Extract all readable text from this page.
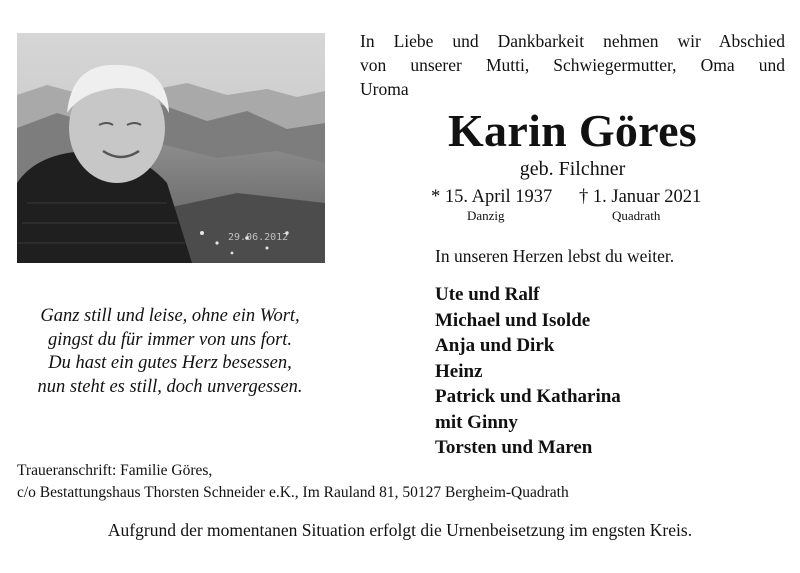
29.06.2012
In Liebe und Dankbarkeit nehmen wir Abschied
von unserer Mutti, Schwiegermutter, Oma und
Uroma
Karin Göres
geb. Filchner
* 15. April 1937 † 1. Januar 2021
Danzig	Quadrath
In unseren Herzen lebst du weiter.
Ganz still und leise, ohne ein Wort,
gingst du für immer von uns fort.
Du hast ein gutes Herz besessen,
nun steht es still, doch unvergessen.
Ute und Ralf
Michael und Isolde
Anja und Dirk
Heinz
Patrick und Katharina
mit Ginny
Torsten und Maren
Traueranschrift: Familie Göres,
c/o Bestattungshaus Thorsten Schneider e.K., Im Rauland 81, 50127 Bergheim-Quadrath
Aufgrund der momentanen Situation erfolgt die Urnenbeisetzung im engsten Kreis.
